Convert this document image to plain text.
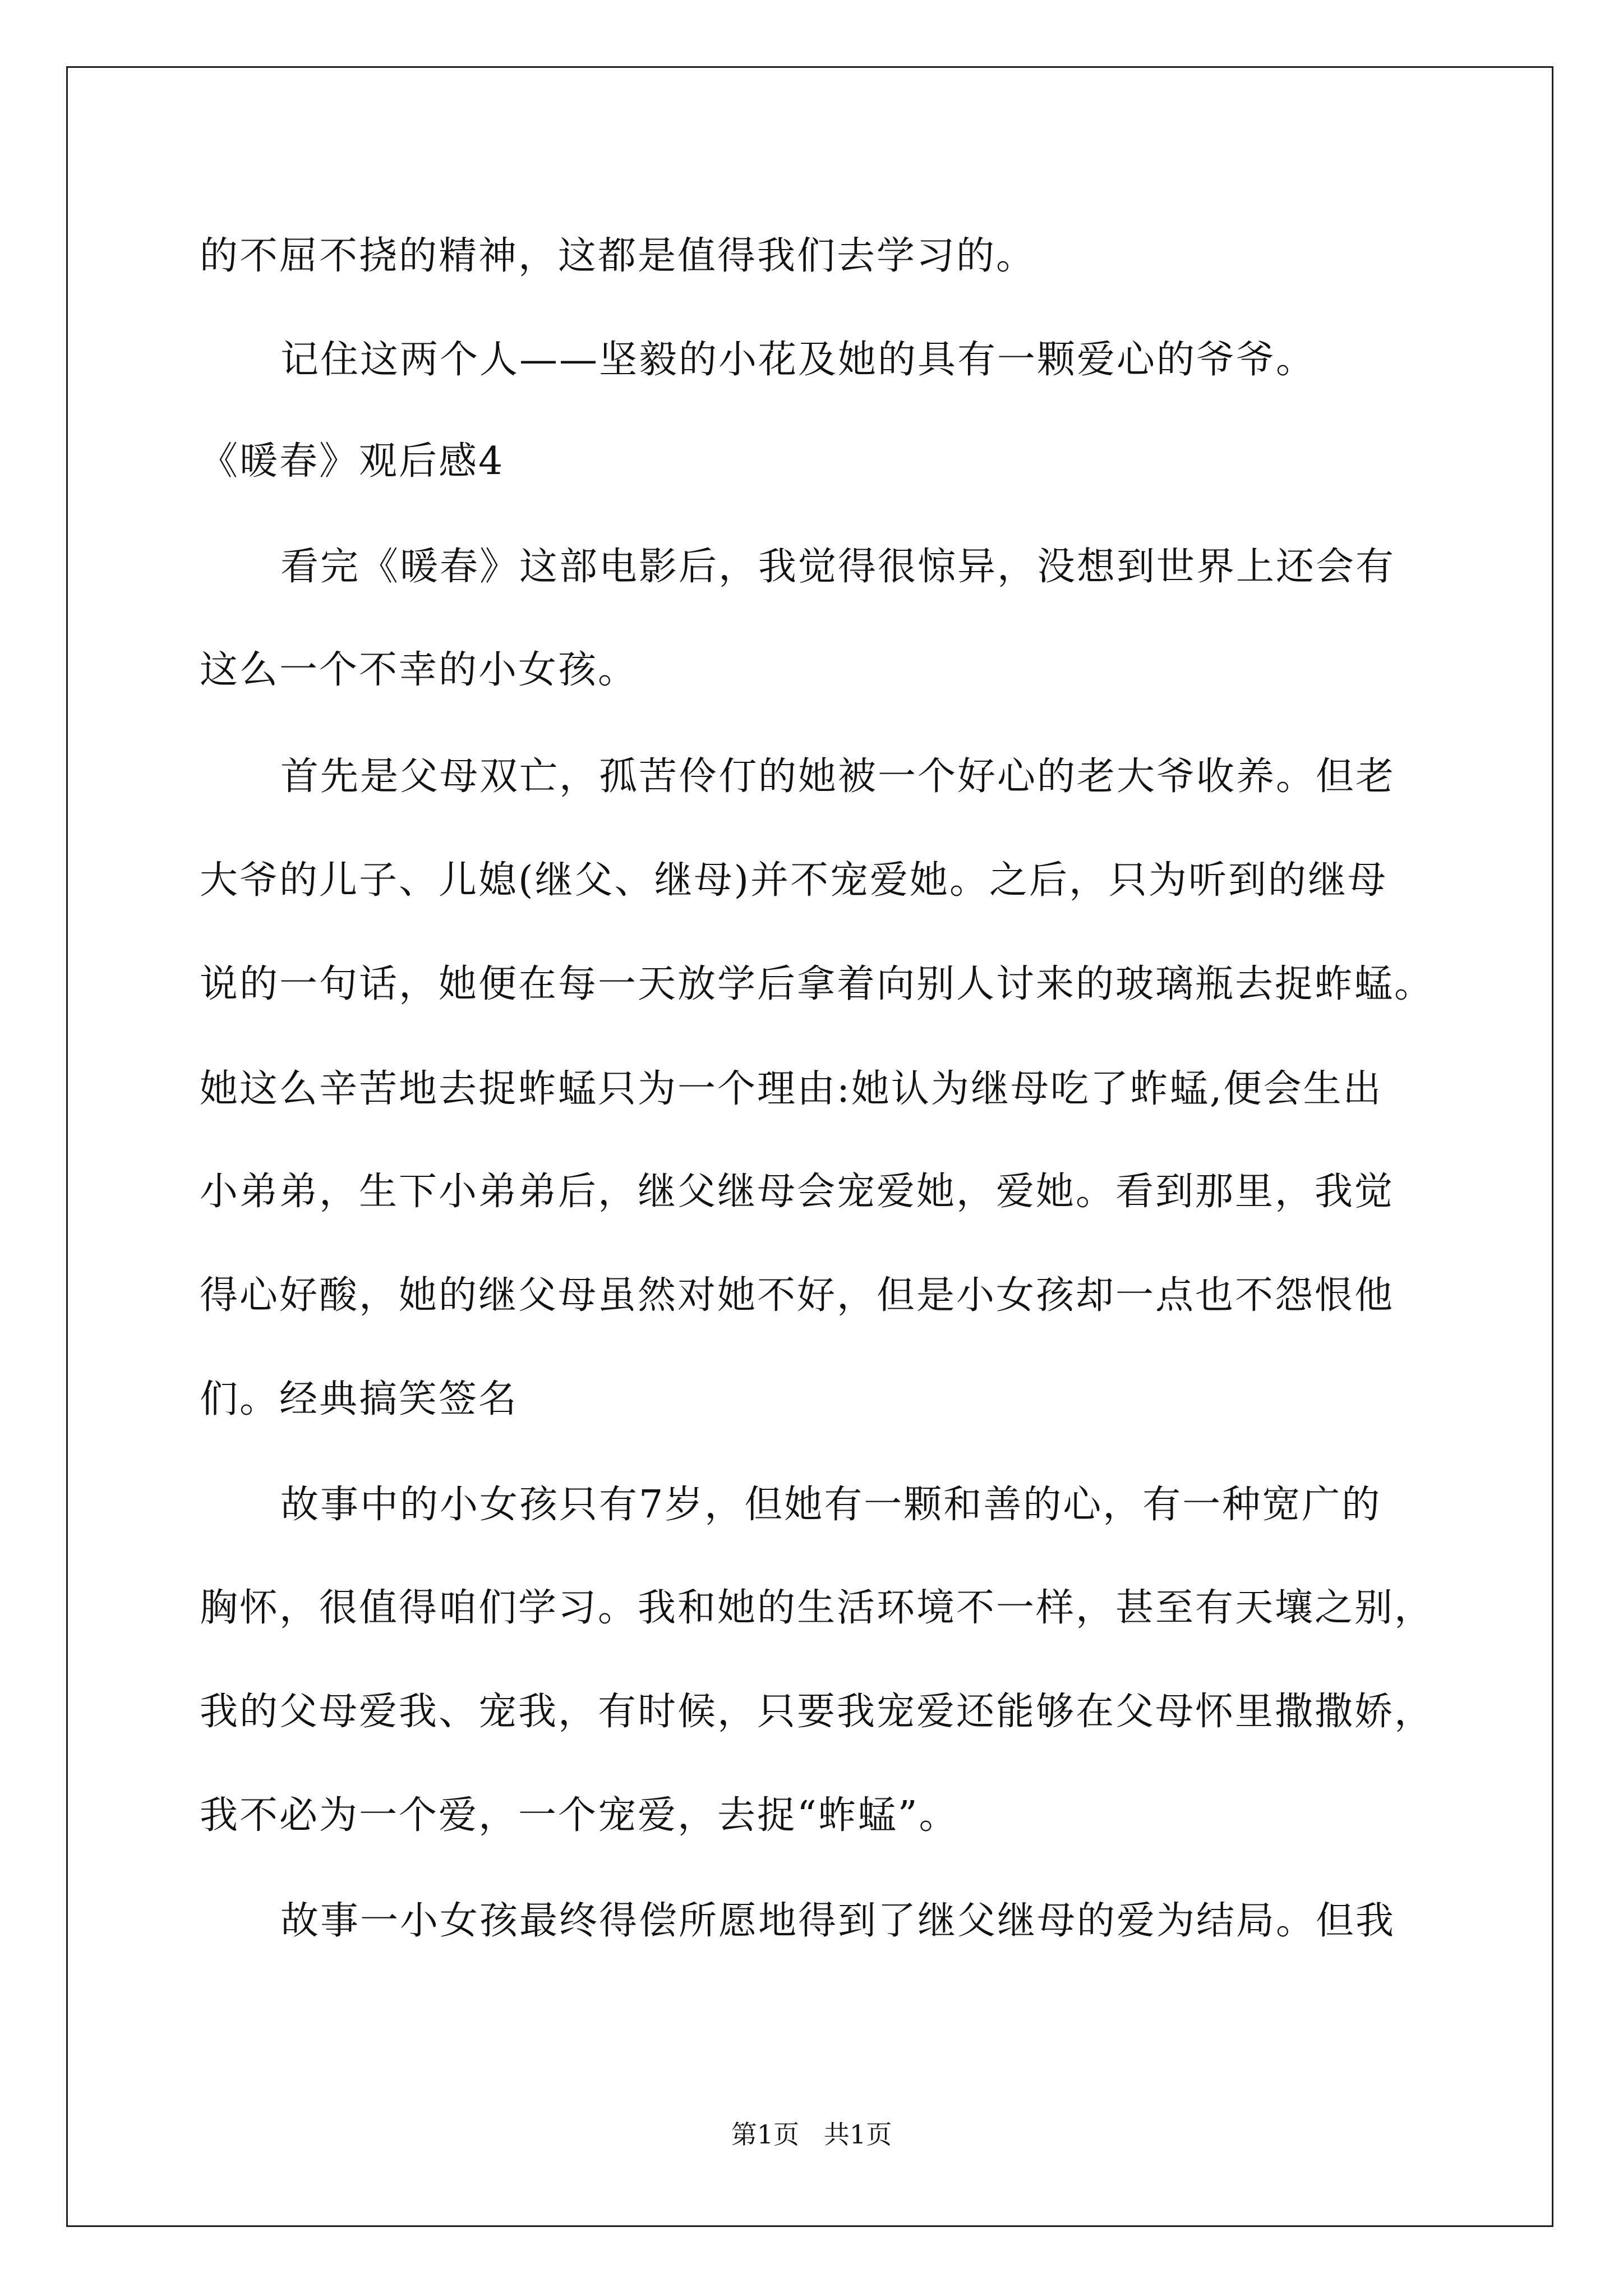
的不屈不挠的精神，这都是值得我们去学习的。
记住这两个人——坚毅的小花及她的具有一颗爱心的爷爷。
《暖春》观后感4
看完《暖春》这部电影后，我觉得很惊异，没想到世界上还会有
这么一个不幸的小女孩。
首先是父母双亡，孤苦伶仃的她被一个好心的老大爷收养。但老
大爷的儿子、儿媳(继父、继母)并不宠爱她。之后，只为听到的继母
说的一句话，她便在每一天放学后拿着向别人讨来的玻璃瓶去捉蚱蜢。
她这么辛苦地去捉蚱蜢只为一个理由:她认为继母吃了蚱蜢,便会生出
小弟弟，生下小弟弟后，继父继母会宠爱她，爱她。看到那里，我觉
得心好酸，她的继父母虽然对她不好，但是小女孩却一点也不怨恨他
们。经典搞笑签名
故事中的小女孩只有7岁，但她有一颗和善的心，有一种宽广的
胸怀，很值得咱们学习。我和她的生活环境不一样，甚至有天壤之别，
我的父母爱我、宠我，有时候，只要我宠爱还能够在父母怀里撒撒娇，
我不必为一个爱，一个宠爱，去捉“蚱蜢”。
故事一小女孩最终得偿所愿地得到了继父继母的爱为结局。但我
第1页   共1页
